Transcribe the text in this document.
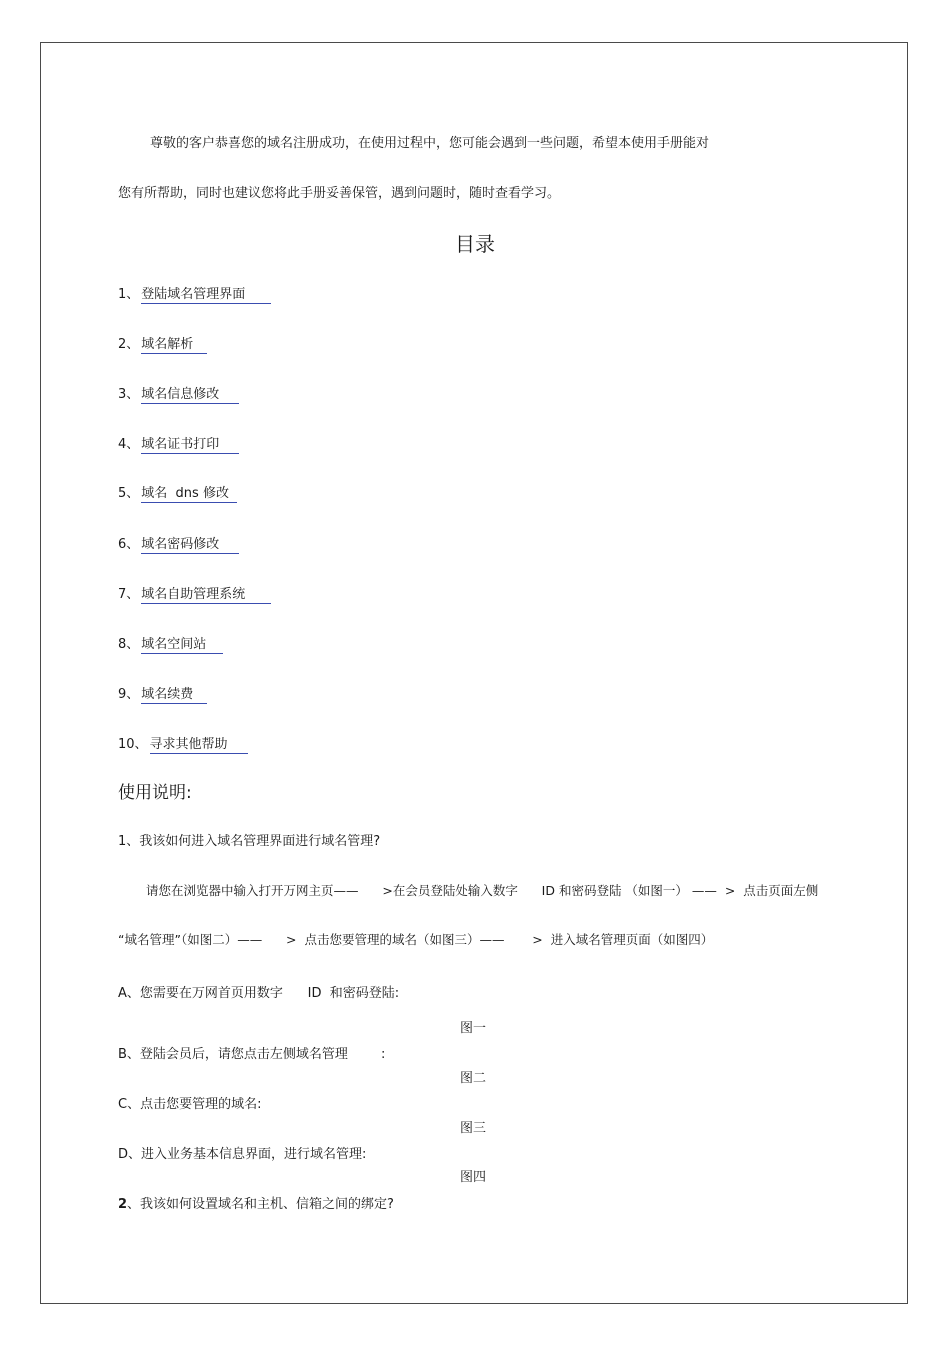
尊敬的客户恭喜您的域名注册成功，在使用过程中，您可能会遇到一些问题，希望本使用手册能对
您有所帮助，同时也建议您将此手册妥善保管，遇到问题时，随时查看学习。
目录
1、 登陆域名管理界面
2、 域名解析
3、 域名信息修改
4、 域名证书打印
5、 域名  dns 修改
6、 域名密码修改
7、 域名自助管理系统
8、 域名空间站
9、 域名续费
10、 寻求其他帮助
使用说明:
1、我该如何进入域名管理界面进行域名管理?
请您在浏览器中输入打开万网主页——      >在会员登陆处输入数字      ID 和密码登陆 （如图一） ——  >  点击页面左侧
“域名管理”（如图二）——      >  点击您要管理的域名（如图三）——       >  进入域名管理页面（如图四）
A、您需要在万网首页用数字      ID  和密码登陆:
图一
B、登陆会员后，请您点击左侧域名管理        :
图二
C、点击您要管理的域名:
图三
D、进入业务基本信息界面，进行域名管理:
图四
2、我该如何设置域名和主机、信箱之间的绑定?
